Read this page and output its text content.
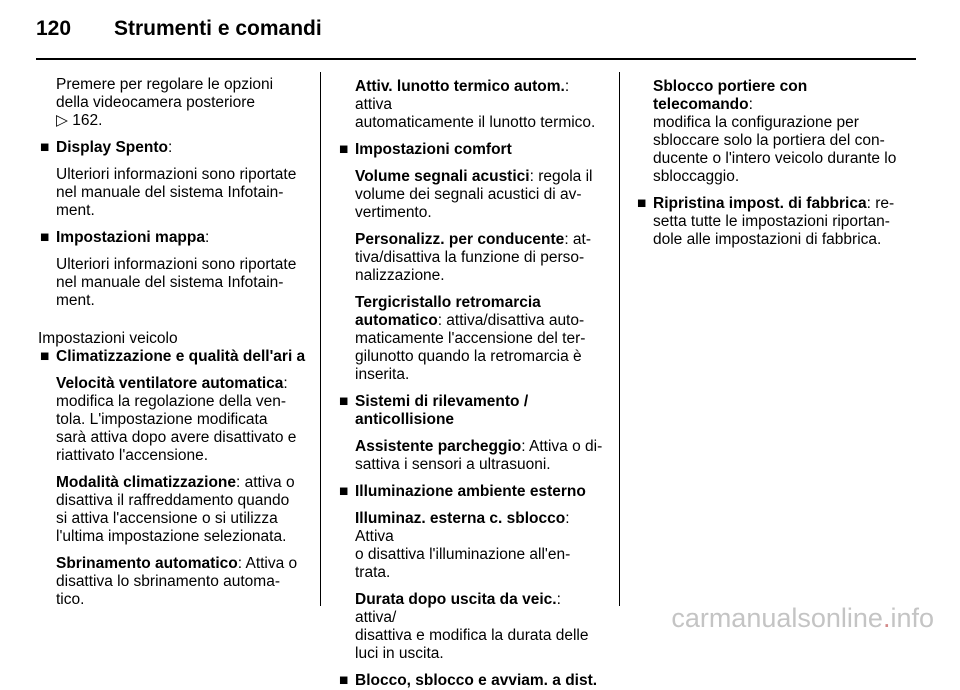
120 Strumenti e comandi

Premere per regolare le opzioni

della videocamera posteriore

▷ 162.

■ Display Spento:

Ulteriori informazioni sono riportate

nel manuale del sistema Infotain-

ment.

■ Impostazioni mappa:

Ulteriori informazioni sono riportate

nel manuale del sistema Infotain-

ment.

Impostazioni veicolo

■ Climatizzazione e qualità dell'ari a

Velocità ventilatore automatica:

modifica la regolazione della ven-

tola. L'impostazione modificata

sarà attiva dopo avere disattivato e

riattivato l'accensione.

Modalità climatizzazione: attiva o

disattiva il raffreddamento quando

si attiva l'accensione o si utilizza

l'ultima impostazione selezionata.

Sbrinamento automatico: Attiva o

disattiva lo sbrinamento automa-

tico.

Attiv. lunotto termico autom.: attiva

automaticamente il lunotto termico.

■ Impostazioni comfort

Volume segnali acustici: regola il

volume dei segnali acustici di av-

vertimento.

Personalizz. per conducente: at-

tiva/disattiva la funzione di perso-

nalizzazione.

Tergicristallo retromarcia

automatico: attiva/disattiva auto-

maticamente l'accensione del ter-

gilunotto quando la retromarcia è

inserita.

■ Sistemi di rilevamento /

anticollisione

Assistente parcheggio: Attiva o di-

sattiva i sensori a ultrasuoni.

■ Illuminazione ambiente esterno

Illuminaz. esterna c. sblocco: Attiva

o disattiva l'illuminazione all'en-

trata.

Durata dopo uscita da veic.: attiva/

disattiva e modifica la durata delle

luci in uscita.

■ Blocco, sblocco e avviam. a dist.

Sblocco portiere con telecomando:

modifica la configurazione per

sbloccare solo la portiera del con-

ducente o l'intero veicolo durante lo

sbloccaggio.

■ Ripristina impost. di fabbrica: re-

setta tutte le impostazioni riportan-

dole alle impostazioni di fabbrica.

carmanualsonline.info
